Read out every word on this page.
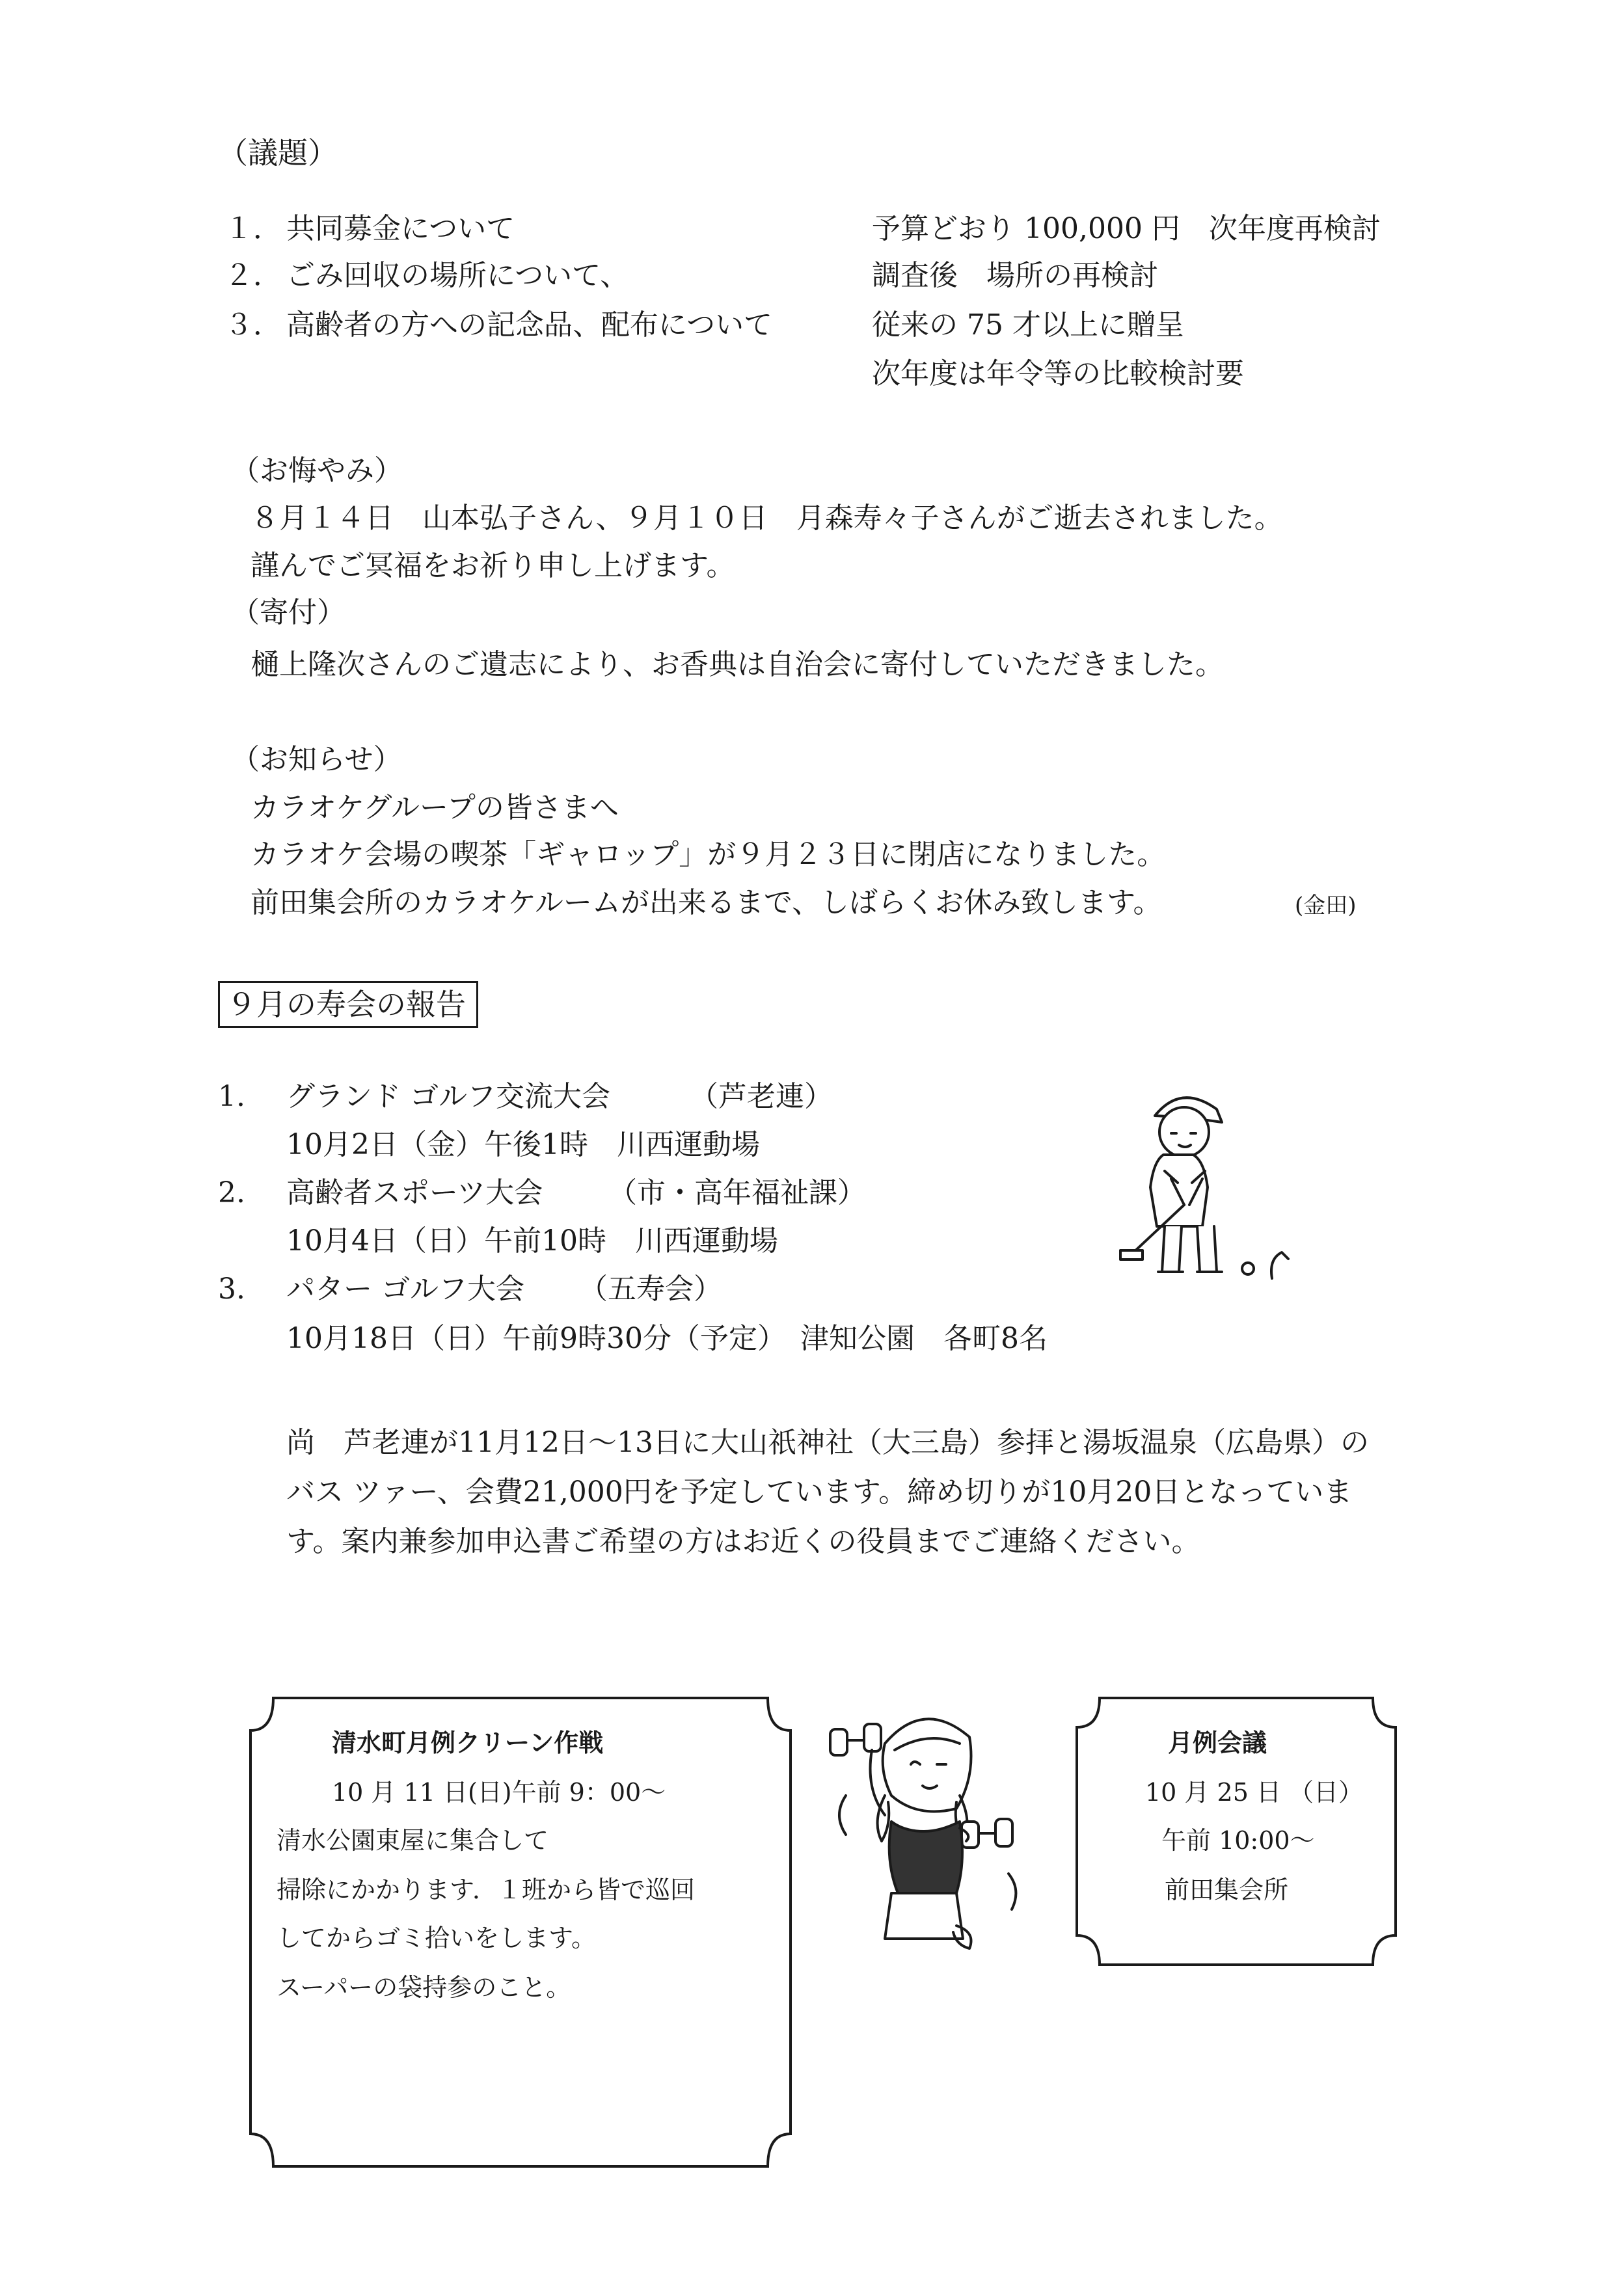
（議題）
１． 共同募金について	予算どおり 100,000 円　次年度再検討
２． ごみ回収の場所について、	調査後　場所の再検討
３． 高齢者の方への記念品、配布について	従来の 75 才以上に贈呈
次年度は年令等の比較検討要
（お悔やみ）
８月１４日　山本弘子さん、９月１０日　月森寿々子さんがご逝去されました。
謹んでご冥福をお祈り申し上げます。
（寄付）
樋上隆次さんのご遺志により、お香典は自治会に寄付していただきました。
（お知らせ）
カラオケグループの皆さまへ
カラオケ会場の喫茶「ギャロップ」が９月２３日に閉店になりました。
前田集会所のカラオケルームが出来るまで、しばらくお休み致します。	(金田)
９月の寿会の報告
1. グランド ゴルフ交流大会	（芦老連）
10月2日（金）午後1時　川西運動場
2. 高齢者スポーツ大会 （市・高年福祉課）
10月4日（日）午前10時　川西運動場
3. パター ゴルフ大会 （五寿会）
10月18日（日）午前9時30分（予定）　津知公園　各町8名
尚　芦老連が11月12日～13日に大山祇神社（大三島）参拝と湯坂温泉（広島県）の
バス ツァー、会費21,000円を予定しています。締め切りが10月20日となっていま
す。案内兼参加申込書ご希望の方はお近くの役員までご連絡ください。
清水町月例クリーン作戦
10 月 11 日(日)午前 9：00～
清水公園東屋に集合して
掃除にかかります．１班から皆で巡回
してからゴミ拾いをします。
スーパーの袋持参のこと。
月例会議
10 月 25 日 （日）
午前 10:00～
前田集会所
